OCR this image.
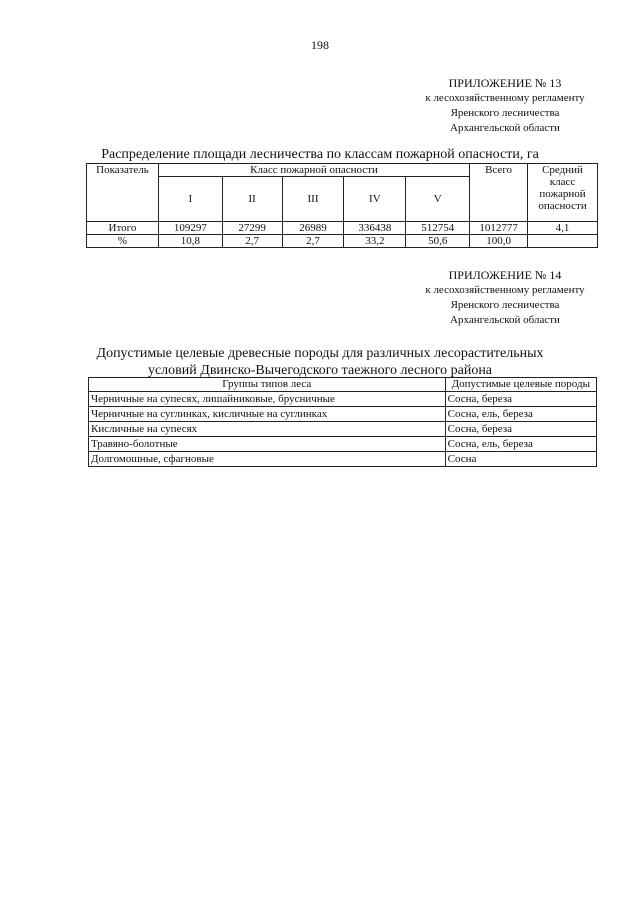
198
ПРИЛОЖЕНИЕ № 13
к лесохозяйственному регламенту
Яренского лесничества
Архангельской области
Распределение площади лесничества по классам пожарной опасности, га
Показатель	Класс пожарной опасности					Всего	Средний класс пожарной опасности
	I	II	III	IV	V		
Итого	109297	27299	26989	336438	512754	1012777	4,1
%	10,8	2,7	2,7	33,2	50,6	100,0	
ПРИЛОЖЕНИЕ № 14
к лесохозяйственному регламенту
Яренского лесничества
Архангельской области
Допустимые целевые древесные породы для различных лесорастительных
условий Двинско-Вычегодского таежного лесного района
Группы типов леса	Допустимые целевые породы
Черничные на супесях, лишайниковые, брусничные	Сосна, береза
Черничные на суглинках, кисличные на суглинках	Сосна, ель, береза
Кисличные на супесях	Сосна, береза
Травяно-болотные	Сосна, ель, береза
Долгомошные, сфагновые	Сосна
